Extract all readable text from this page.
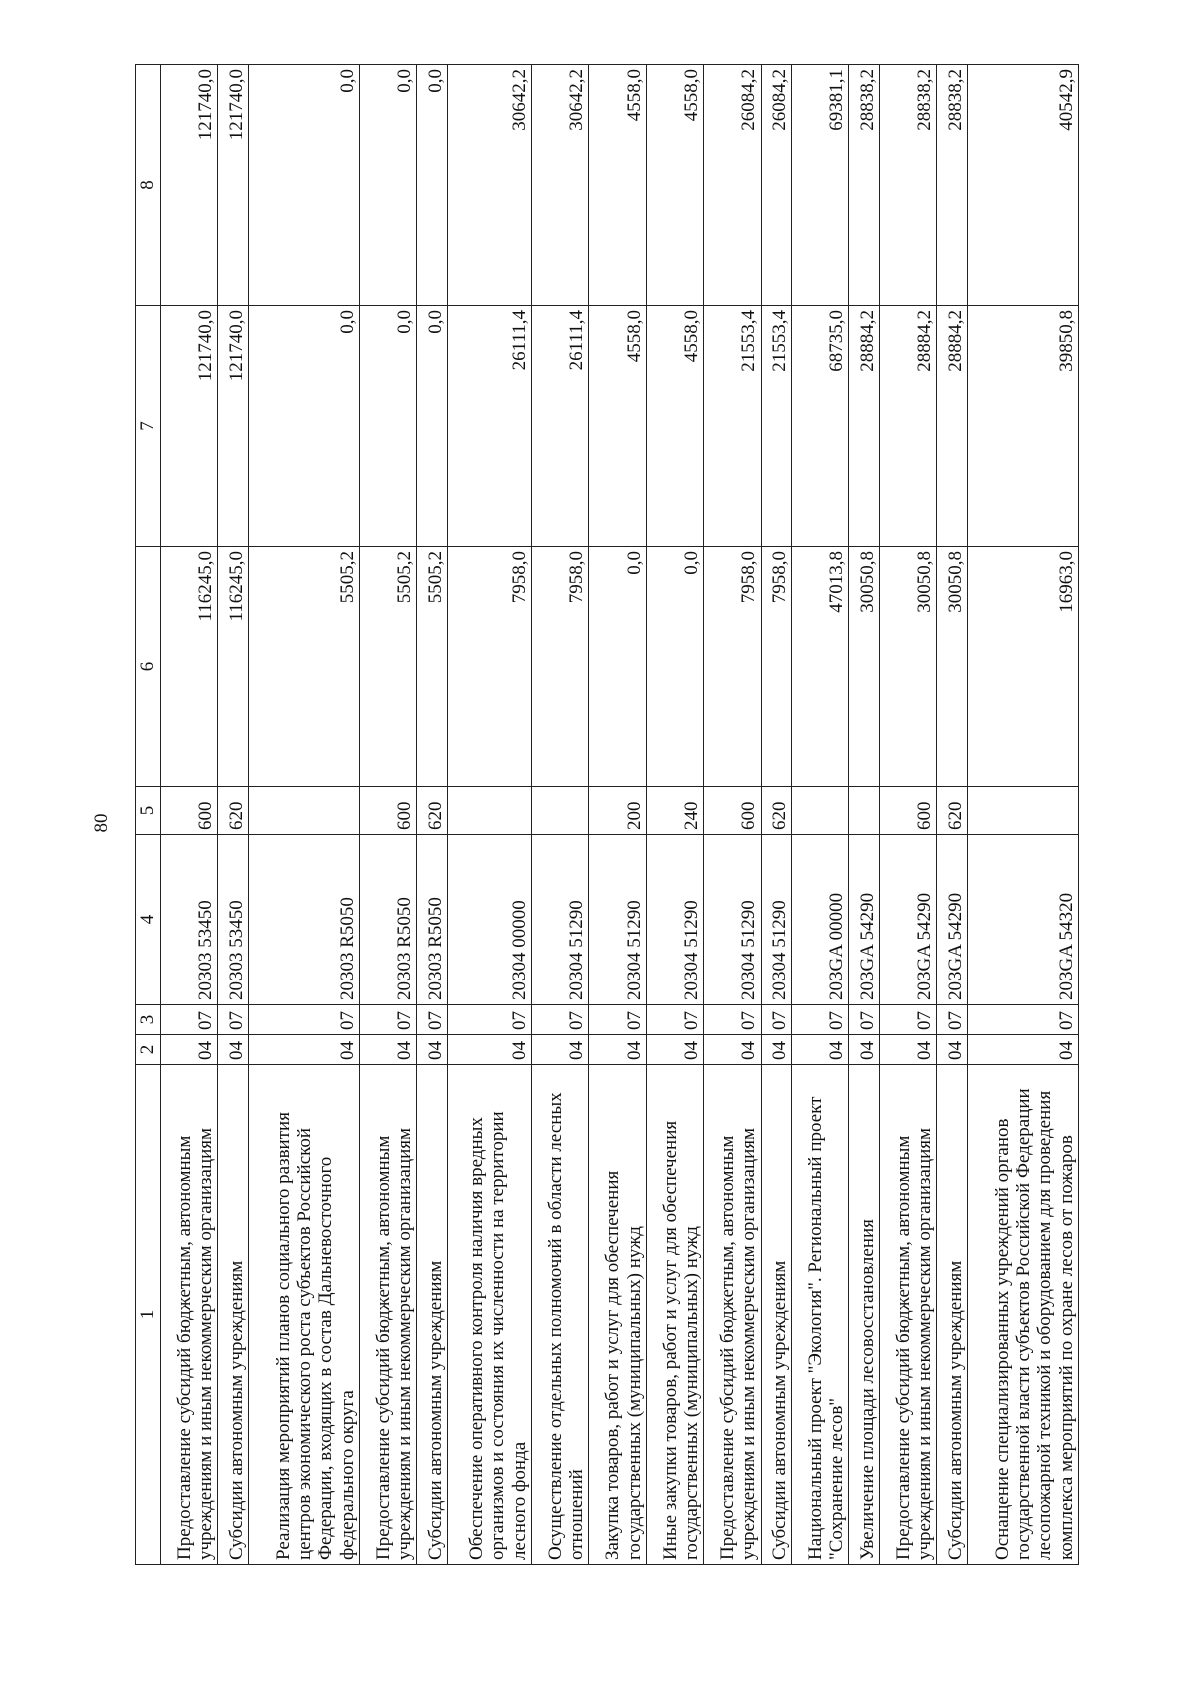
80
1	2	3	4	5	6	7	8
Предоставление субсидий бюджетным, автономным учреждениям и иным некоммерческим организациям	04	07	20303 53450	600	116245,0	121740,0	121740,0
Субсидии автономным учреждениям	04	07	20303 53450	620	116245,0	121740,0	121740,0
Реализация мероприятий планов социального развития центров экономического роста субъектов Российской Федерации, входящих в состав Дальневосточного федерального округа	04	07	20303 R5050		5505,2	0,0	0,0
Предоставление субсидий бюджетным, автономным учреждениям и иным некоммерческим организациям	04	07	20303 R5050	600	5505,2	0,0	0,0
Субсидии автономным учреждениям	04	07	20303 R5050	620	5505,2	0,0	0,0
Обеспечение оперативного контроля наличия вредных организмов и состояния их численности на территории лесного фонда	04	07	20304 00000		7958,0	26111,4	30642,2
Осуществление отдельных полномочий в области лесных отношений	04	07	20304 51290		7958,0	26111,4	30642,2
Закупка товаров, работ и услуг для обеспечения государственных (муниципальных) нужд	04	07	20304 51290	200	0,0	4558,0	4558,0
Иные закупки товаров, работ и услуг для обеспечения государственных (муниципальных) нужд	04	07	20304 51290	240	0,0	4558,0	4558,0
Предоставление субсидий бюджетным, автономным учреждениям и иным некоммерческим организациям	04	07	20304 51290	600	7958,0	21553,4	26084,2
Субсидии автономным учреждениям	04	07	20304 51290	620	7958,0	21553,4	26084,2
Национальный проект "Экология". Региональный проект "Сохранение лесов"	04	07	203GA 00000		47013,8	68735,0	69381,1
Увеличение площади лесовосстановления	04	07	203GA 54290		30050,8	28884,2	28838,2
Предоставление субсидий бюджетным, автономным учреждениям и иным некоммерческим организациям	04	07	203GA 54290	600	30050,8	28884,2	28838,2
Субсидии автономным учреждениям	04	07	203GA 54290	620	30050,8	28884,2	28838,2
Оснащение специализированных учреждений органов государственной власти субъектов Российской Федерации лесопожарной техникой и оборудованием для проведения комплекса мероприятий по охране лесов от пожаров	04	07	203GA 54320		16963,0	39850,8	40542,9
